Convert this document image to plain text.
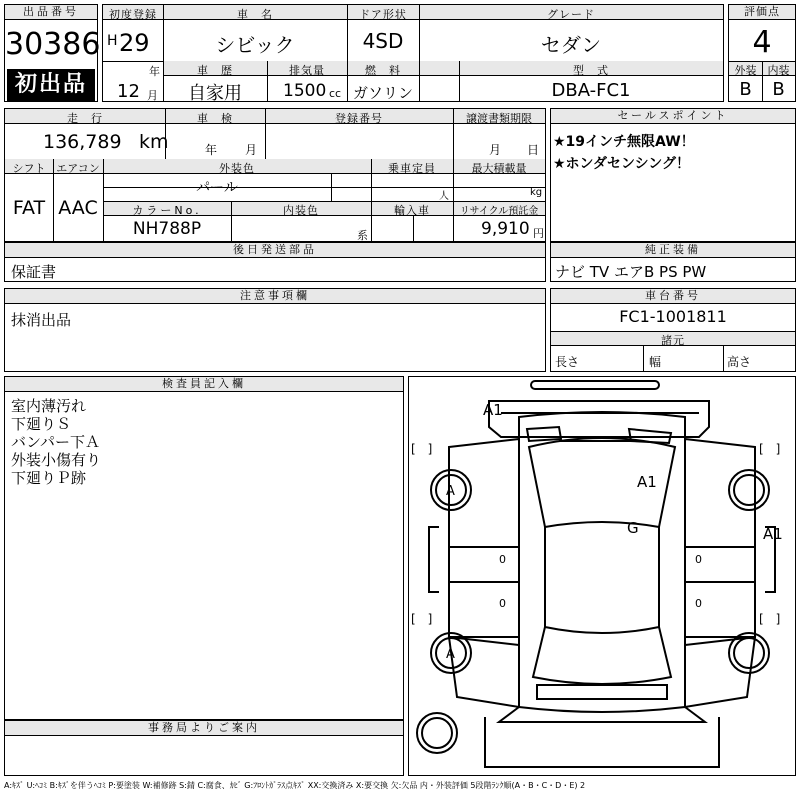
出品番号
30386
初出品
初度登録
H 29
年
12 月
車　名
シビック
ドア形状
4SD
グレード
セダン
車　歴
自家用
排気量
1500 cc
燃　料
ガソリン
型　式
DBA-FC1
評価点
4
外装	内装
B	B
走　行
136,789 km
車　検
年 月
登録番号	譲渡書類期限
月 日
シフト
FAT
エアコン
AAC
外装色
パール
乗車定員
人
最大積載量
kg
カラーNo.
NH788P
内装色
系
輸入車	リサイクル預託金
9,910 円
セールスポイント
★19インチ無限AW！
★ホンダセンシング！
後日発送部品
保証書
純正装備
ナビ TV エアB PS PW
注意事項欄
抹消出品
車台番号
FC1-1001811
諸元
長さ	幅	高さ
検査員記入欄
室内薄汚れ
下廻りＳ
バンパー下Ａ
外装小傷有り
下廻りＰ跡
事務局よりご案内
A1
A1
G	A1
A
A
0
0
0
0
[　]	[　]
[　]	[　]
A:ｷｽﾞ U:ﾍｺﾐ B:ｷｽﾞを伴うﾍｺﾐ P:要塗装 W:補修跡 S:錆 C:腐食、ｶﾋﾞ G:ﾌﾛﾝﾄｶﾞﾗｽ点ｷｽﾞ XX:交換済み X:要交換 欠:欠品 内・外装評価 5段階ﾗﾝｸ順(A・B・C・D・E) 2
